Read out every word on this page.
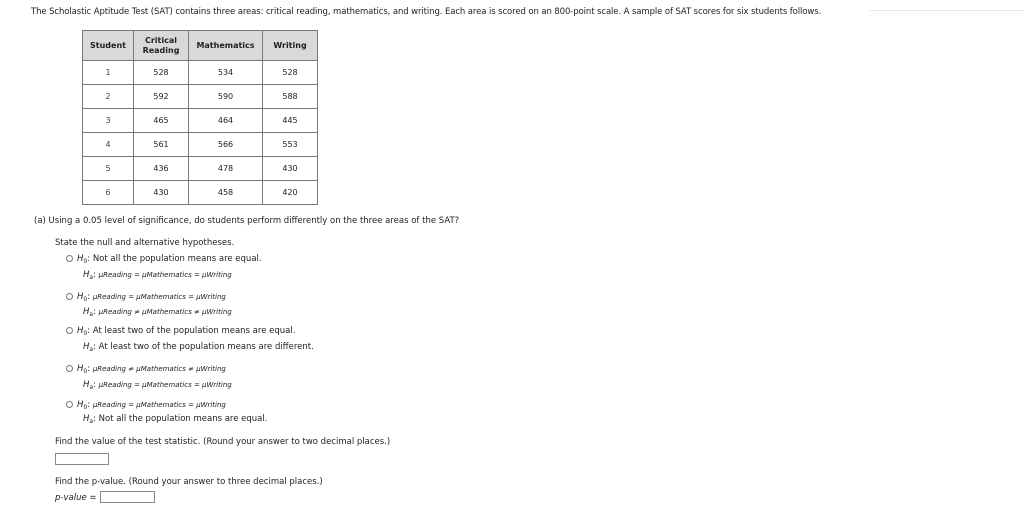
The Scholastic Aptitude Test (SAT) contains three areas: critical reading, mathematics, and writing. Each area is scored on an 800-point scale. A sample of SAT scores for six students follows.
Student	Critical Reading	Mathematics	Writing
1	528	534	528
2	592	590	588
3	465	464	445
4	561	566	553
5	436	478	430
6	430	458	420
(a) Using a 0.05 level of significance, do students perform differently on the three areas of the SAT?
State the null and alternative hypotheses.
$H_0$: Not all the population means are equal.
$H_a$: μReading = μMathematics = μWriting
$H_0$: μReading = μMathematics = μWriting
$H_a$: μReading ≠ μMathematics ≠ μWriting
$H_0$: At least two of the population means are equal.
$H_a$: At least two of the population means are different.
$H_0$: μReading ≠ μMathematics ≠ μWriting
$H_a$: μReading = μMathematics = μWriting
$H_0$: μReading = μMathematics = μWriting
$H_a$: Not all the population means are equal.
Find the value of the test statistic. (Round your answer to two decimal places.)
Find the p-value. (Round your answer to three decimal places.)
p-value =
